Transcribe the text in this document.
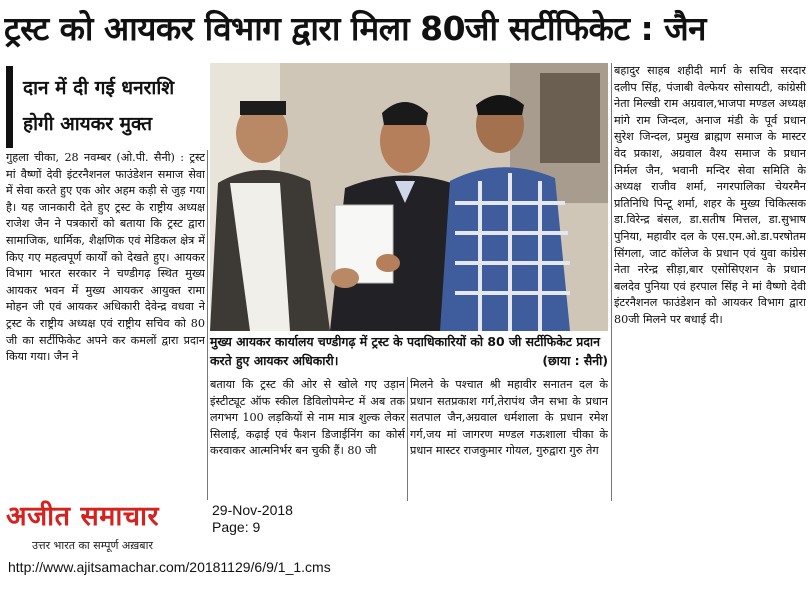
ट्रस्ट को आयकर विभाग द्वारा मिला 80जी सर्टीफिकेट : जैन
दान में दी गई धनराशि
होगी आयकर मुक्त

गुहला चीका, 28 नवम्बर (ओ.पी. सैनी) : ट्रस्ट मां वैष्णों देवी इंटरनैशनल फाउंडेशन समाज सेवा में सेवा करते हुए एक ओर अहम कड़ी से जुड़ गया है। यह जानकारी देते हुए ट्रस्ट के राष्ट्रीय अध्यक्ष राजेश जैन ने पत्रकारों को बताया कि ट्रस्ट द्वारा सामाजिक, धार्मिक, शैक्षणिक एवं मेडिकल क्षेत्र में किए गए महत्वपूर्ण कार्यों को देखते हुए। आयकर विभाग भारत सरकार ने चण्डीगढ़ स्थित मुख्य आयकर भवन में मुख्य आयकर आयुक्त रामा मोहन जी एवं आयकर अधिकारी देवेन्द्र वधवा ने ट्रस्ट के राष्ट्रीय अध्यक्ष एवं राष्ट्रीय सचिव को 80 जी का सर्टीफिकेट अपने कर कमलों द्वारा प्रदान किया गया। जैन ने

मुख्य आयकर कार्यालय चण्डीगढ़ में ट्रस्ट के पदाधिकारियों को 80 जी सर्टीफिकेट प्रदान करते हुए आयकर अधिकारी।	(छाया : सैनी)

बताया कि ट्रस्ट की ओर से खोले गए उड़ान इंस्टीट्यूट ऑफ स्कील डिविलोपमेन्ट में अब तक लगभग 100 लड़कियों से नाम मात्र शुल्क लेकर सिलाई, कढ़ाई एवं फैशन डिजाईनिंग का कोर्स करवाकर आत्मनिर्भर बन चुकी हैं। 80 जी

मिलने के पश्चात श्री महावीर सनातन दल के प्रधान सतप्रकाश गर्ग,तेरापंथ जैन सभा के प्रधान सतपाल जैन,अग्रवाल धर्मशाला के प्रधान रमेश गर्ग,जय मां जागरण मण्डल गऊशाला चीका के प्रधान मास्टर राजकुमार गोयल, गुरुद्वारा गुरु तेग

बहादुर साहब शहीदी मार्ग के सचिव सरदार दलीप सिंह, पंजाबी वेल्फेयर सोसायटी, कांग्रेसी नेता मिल्खी राम अग्रवाल,भाजपा मण्डल अध्यक्ष मांगे राम जिन्दल, अनाज मंडी के पूर्व प्रधान सुरेश जिन्दल, प्रमुख ब्राह्मण समाज के मास्टर वेद प्रकाश, अग्रवाल वैश्य समाज के प्रधान निर्मल जैन, भवानी मन्दिर सेवा समिति के अध्यक्ष राजीव शर्मा, नगरपालिका चेयरमैन प्रतिनिधि पिन्टू शर्मा, शहर के मुख्य चिकित्सक डा.विरेन्द्र बंसल, डा.सतीष मित्तल, डा.सुभाष पुनिया, महावीर दल के एस.एम.ओ.डा.परषोतम सिंगला, जाट कॉलेज के प्रधान एवं युवा कांग्रेस नेता नरेन्द्र सीड़ा,बार एसोसिएशन के प्रधान बलदेव पुनिया एवं हरपाल सिंह ने मां वैष्णो देवी इंटरनैशनल फाउंडेशन को आयकर विभाग द्वारा 80जी मिलने पर बधाई दी।

अजीत समाचार
उत्तर भारत का सम्पूर्ण अख़बार
29-Nov-2018
Page: 9
http://www.ajitsamachar.com/20181129/6/9/1_1.cms
